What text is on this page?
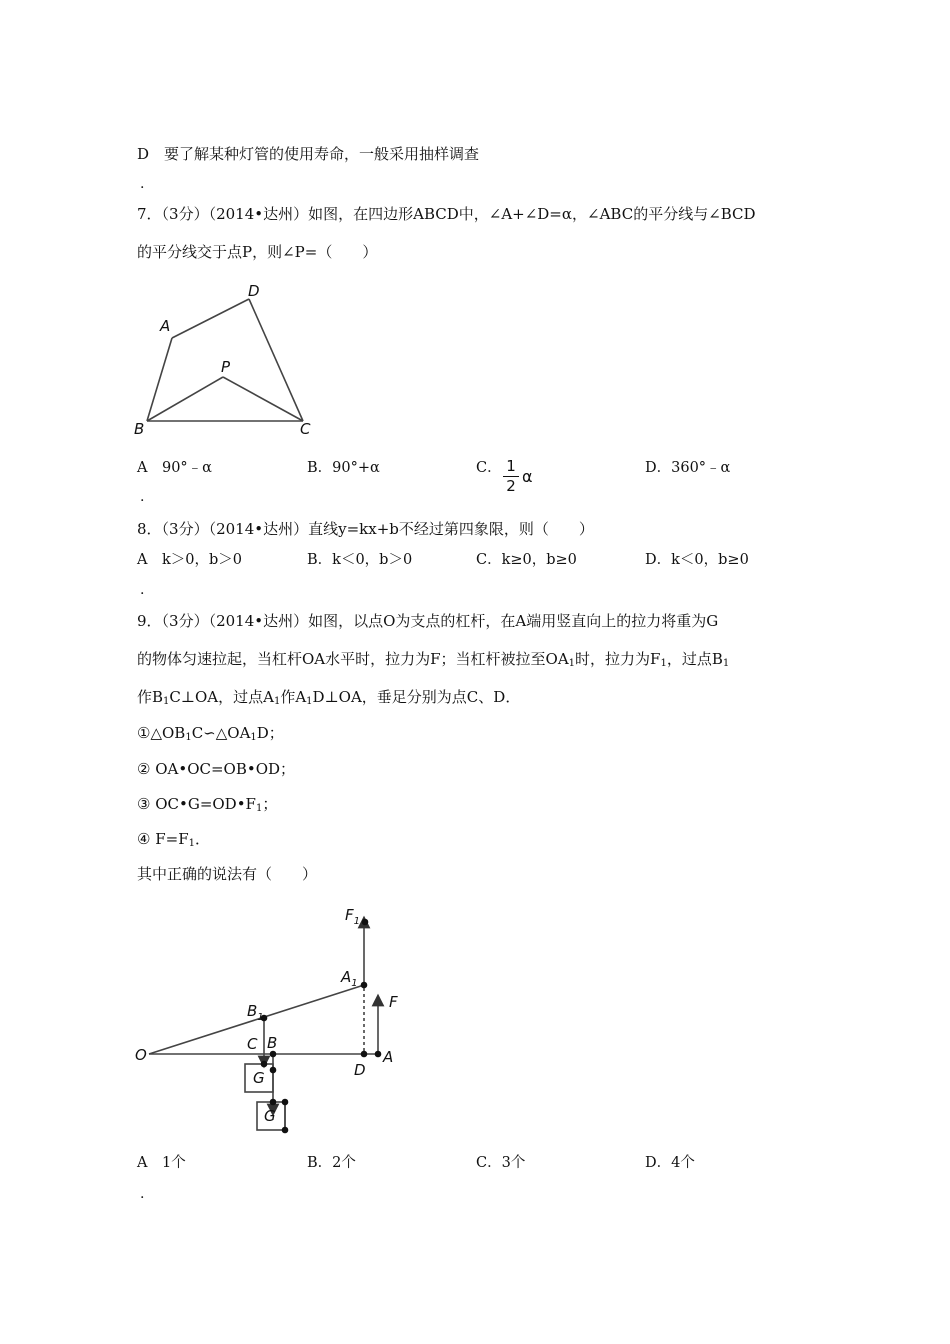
D　要了解某种灯管的使用寿命，一般采用抽样调查
.
7．（3分）（2014•达州）如图，在四边形ABCD中，∠A+∠D=α，∠ABC的平分线与∠BCD
的平分线交于点P，则∠P=（　　）
A
D
P
B	C
A　90°﹣α	B．90°+α	C． 1
2 α	D．360°﹣α
.
8．（3分）（2014•达州）直线y=kx+b不经过第四象限，则（　　）
A　k＞0，b＞0	B．k＜0，b＞0	C．k≥0，b≥0	D．k＜0，b≥0
.
9．（3分）（2014•达州）如图，以点O为支点的杠杆，在A端用竖直向上的拉力将重为G
的物体匀速拉起，当杠杆OA水平时，拉力为F；当杠杆被拉至$OA_1$时，拉力为$F_1$，过点$B_1$
作$B_1C\perp OA$，过点$A_1$作$A_1D\perp OA$，垂足分别为点C、D．
$①\triangle OB_1C∽\triangle OA_1D$；
② OA•OC=OB•OD；
③ $OC•G=OD•F_1$；
④ $F=F_1$．
其中正确的说法有（　　）
$F_1$
$A_1$
$B_1$
F
O
C B
D
A
G
G
A　1个	B．2个	C．3个	D．4个
.
